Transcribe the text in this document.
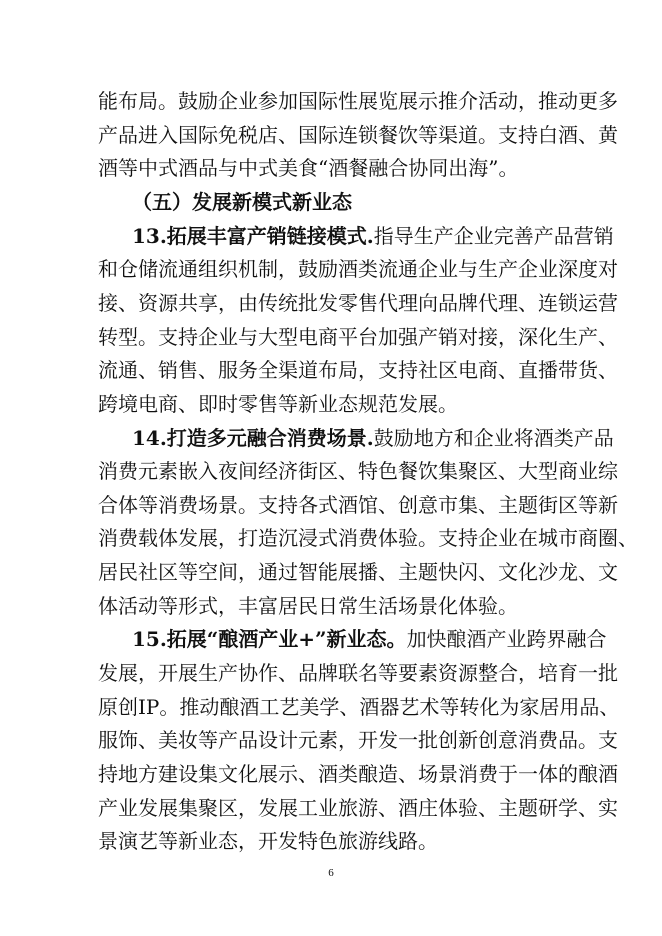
能布局。鼓励企业参加国际性展览展示推介活动，推动更多
产品进入国际免税店、国际连锁餐饮等渠道。支持白酒、黄
酒等中式酒品与中式美食“酒餐融合协同出海”。
（五）发展新模式新业态
13.拓展丰富产销链接模式.指导生产企业完善产品营销
和仓储流通组织机制，鼓励酒类流通企业与生产企业深度对
接、资源共享，由传统批发零售代理向品牌代理、连锁运营
转型。支持企业与大型电商平台加强产销对接，深化生产、
流通、销售、服务全渠道布局，支持社区电商、直播带货、
跨境电商、即时零售等新业态规范发展。
14.打造多元融合消费场景.鼓励地方和企业将酒类产品
消费元素嵌入夜间经济街区、特色餐饮集聚区、大型商业综
合体等消费场景。支持各式酒馆、创意市集、主题街区等新
消费载体发展，打造沉浸式消费体验。支持企业在城市商圈、
居民社区等空间，通过智能展播、主题快闪、文化沙龙、文
体活动等形式，丰富居民日常生活场景化体验。
15.拓展“酿酒产业+”新业态。加快酿酒产业跨界融合
发展，开展生产协作、品牌联名等要素资源整合，培育一批
原创IP。推动酿酒工艺美学、酒器艺术等转化为家居用品、
服饰、美妆等产品设计元素，开发一批创新创意消费品。支
持地方建设集文化展示、酒类酿造、场景消费于一体的酿酒
产业发展集聚区，发展工业旅游、酒庄体验、主题研学、实
景演艺等新业态，开发特色旅游线路。
6
